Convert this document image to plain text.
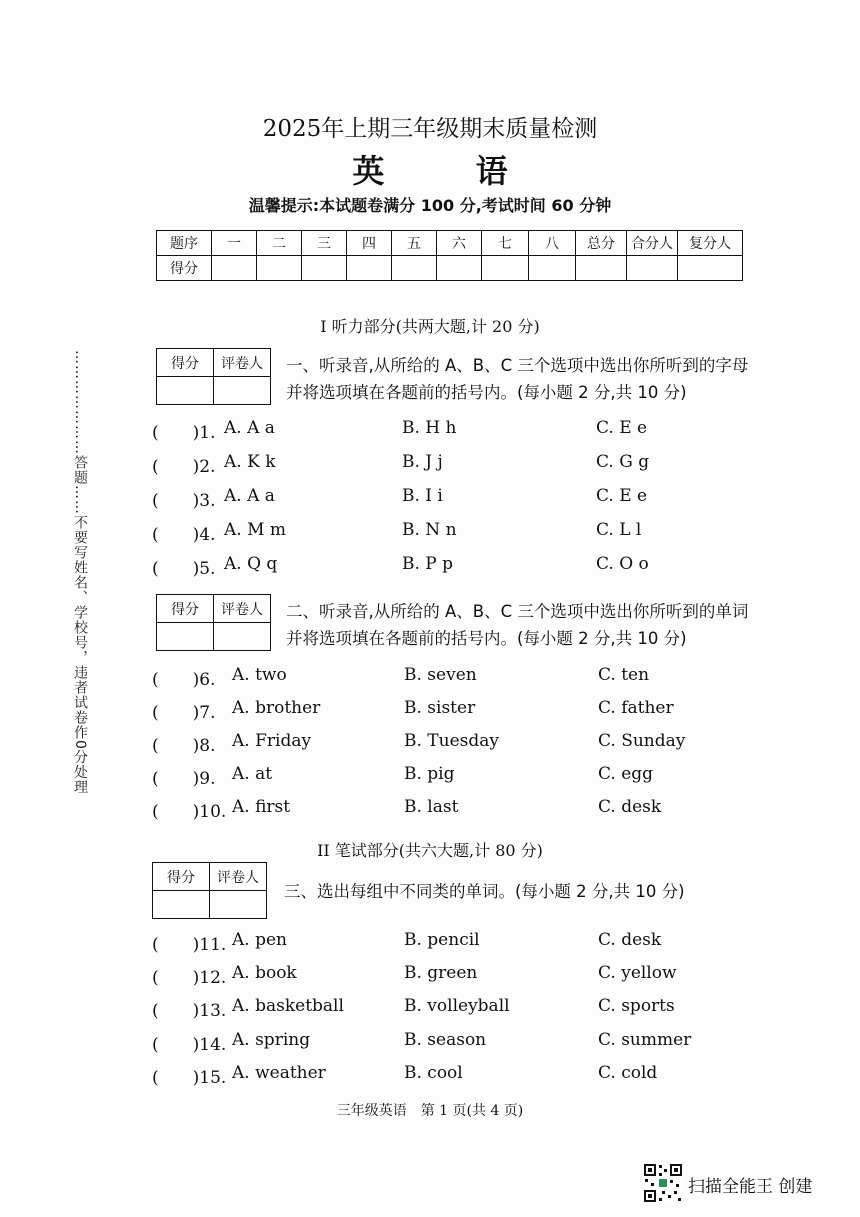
2025年上期三年级期末质量检测
英 语
温馨提示:本试题卷满分 100 分,考试时间 60 分钟
题序	一	二	三	四	五	六	七	八	总分	合分人	复分人
得分											
…………………答题……不要写姓名、学校号，违者试卷作0分处理
I 听力部分(共两大题,计 20 分)
得分	评卷人
	一、听录音,从所给的 A、B、C 三个选项中选出你所听到的字母
并将选项填在各题前的括号内。(每小题 2 分,共 10 分)
(　　)1. A. A a	B. H h	C. E e
(　　)2. A. K k	B. J j	C. G g
(　　)3. A. A a	B. I i	C. E e
(　　)4. A. M m	B. N n	C. L l
(　　)5. A. Q q	B. P p	C. O o
得分	评卷人
	二、听录音,从所给的 A、B、C 三个选项中选出你所听到的单词
并将选项填在各题前的括号内。(每小题 2 分,共 10 分)
(　　)6. A. two	B. seven	C. ten
(　　)7. A. brother	B. sister	C. father
(　　)8. A. Friday	B. Tuesday	C. Sunday
(　　)9. A. at	B. pig	C. egg
(　　)10. A. first	B. last	C. desk
II 笔试部分(共六大题,计 80 分)
得分	评卷人

三、选出每组中不同类的单词。(每小题 2 分,共 10 分)
(　　)11. A. pen	B. pencil	C. desk
(　　)12. A. book	B. green	C. yellow
(　　)13. A. basketball	B. volleyball	C. sports
(　　)14. A. spring	B. season	C. summer
(　　)15. A. weather	B. cool	C. cold
三年级英语　第 1 页(共 4 页)
扫描全能王 创建
